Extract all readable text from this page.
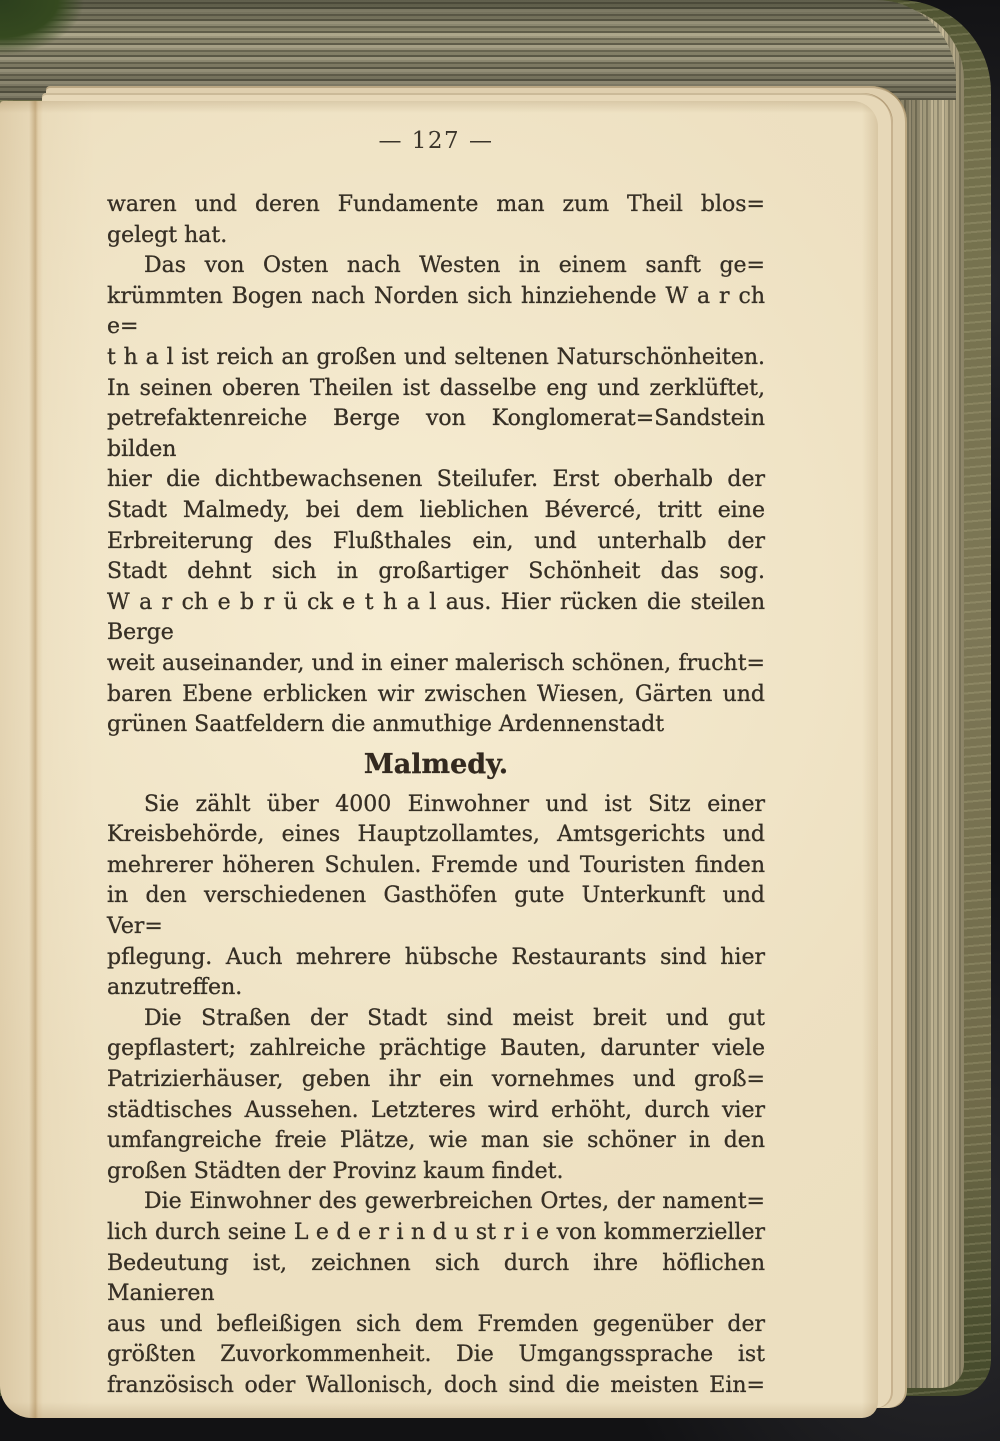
— 127 —
waren und deren Fundamente man zum Theil blos=
gelegt hat.
Das von Osten nach Westen in einem sanft ge=
krümmten Bogen nach Norden sich hinziehende W a r ch e=
t h a l ist reich an großen und seltenen Naturschönheiten.
In seinen oberen Theilen ist dasselbe eng und zerklüftet,
petrefaktenreiche Berge von Konglomerat=Sandstein bilden
hier die dichtbewachsenen Steilufer. Erst oberhalb der
Stadt Malmedy, bei dem lieblichen Bévercé, tritt eine
Erbreiterung des Flußthales ein, und unterhalb der
Stadt dehnt sich in großartiger Schönheit das sog.
W a r ch e b r ü ck e t h a l aus. Hier rücken die steilen Berge
weit auseinander, und in einer malerisch schönen, frucht=
baren Ebene erblicken wir zwischen Wiesen, Gärten und
grünen Saatfeldern die anmuthige Ardennenstadt
Malmedy.
Sie zählt über 4000 Einwohner und ist Sitz einer
Kreisbehörde, eines Hauptzollamtes, Amtsgerichts und
mehrerer höheren Schulen. Fremde und Touristen finden
in den verschiedenen Gasthöfen gute Unterkunft und Ver=
pflegung. Auch mehrere hübsche Restaurants sind hier
anzutreffen.
Die Straßen der Stadt sind meist breit und gut
gepflastert; zahlreiche prächtige Bauten, darunter viele
Patrizierhäuser, geben ihr ein vornehmes und groß=
städtisches Aussehen. Letzteres wird erhöht, durch vier
umfangreiche freie Plätze, wie man sie schöner in den
großen Städten der Provinz kaum findet.
Die Einwohner des gewerbreichen Ortes, der nament=
lich durch seine L e d e r i n d u st r i e von kommerzieller
Bedeutung ist, zeichnen sich durch ihre höflichen Manieren
aus und befleißigen sich dem Fremden gegenüber der
größten Zuvorkommenheit. Die Umgangssprache ist
französisch oder Wallonisch, doch sind die meisten Ein=
